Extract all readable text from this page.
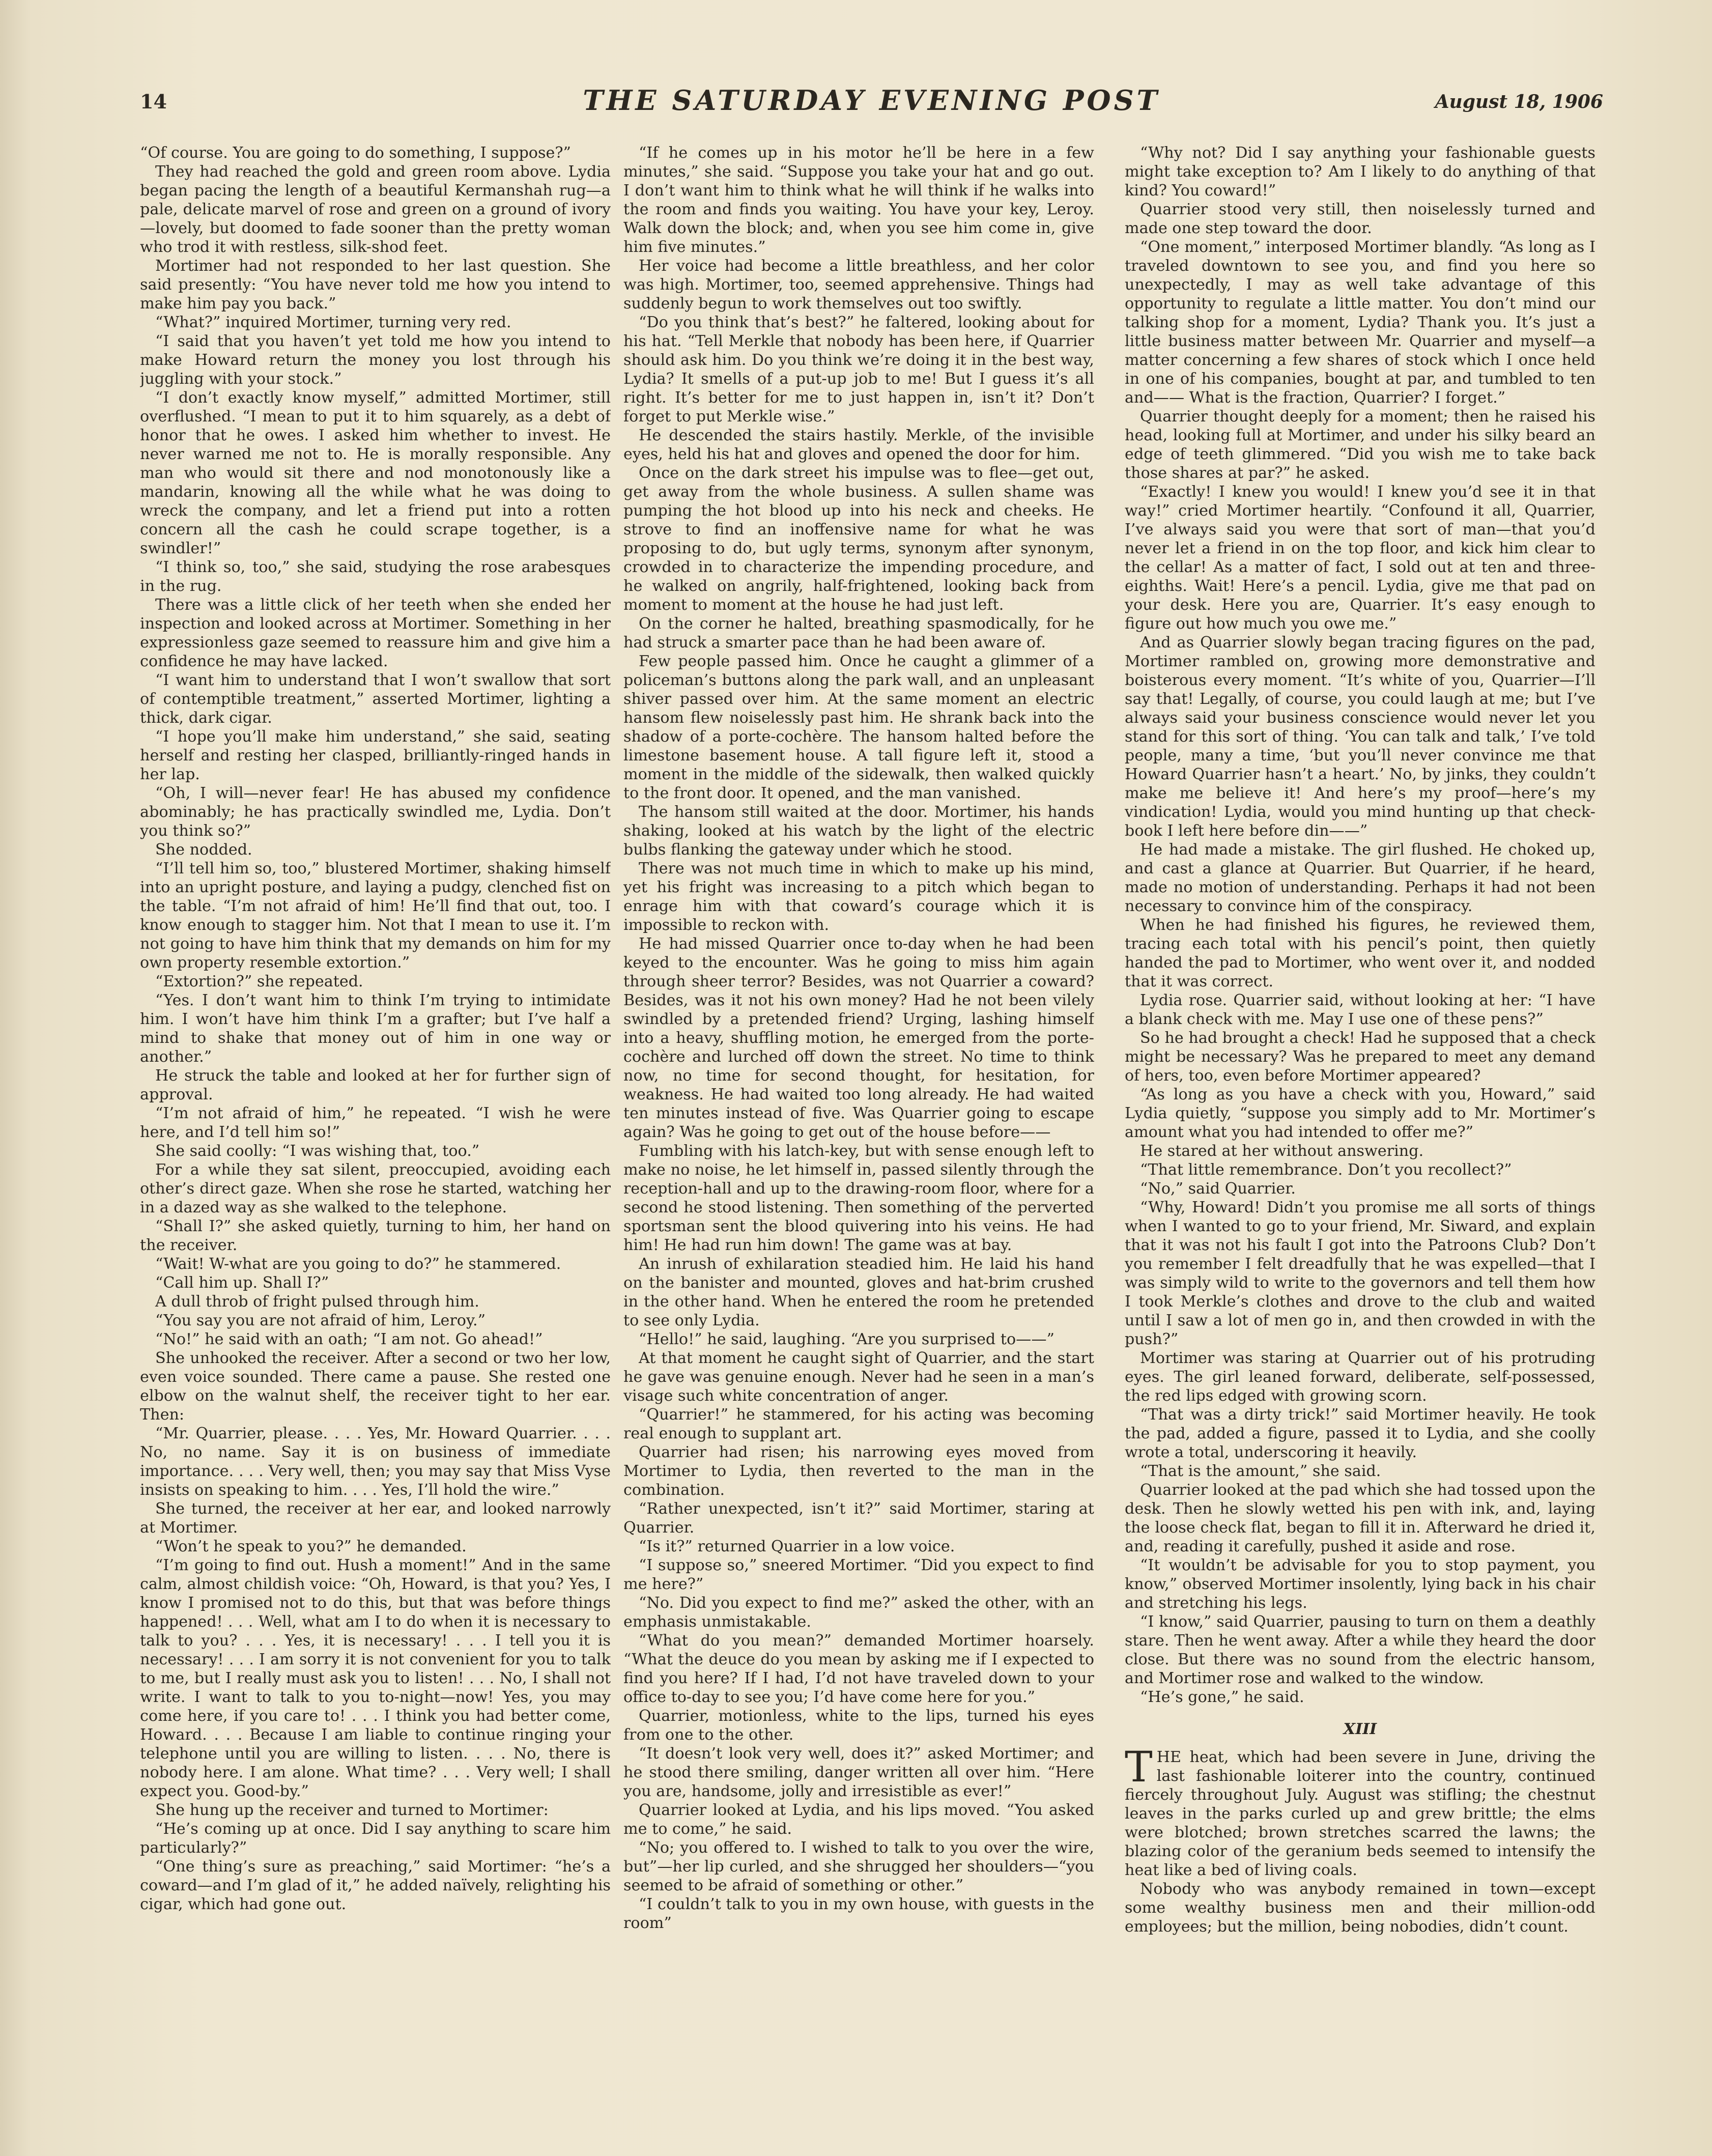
14	THE SATURDAY EVENING POST	August 18, 1906

“Of course. You are going to do something, I suppose?”

They had reached the gold and green room above. Lydia began pacing the length of a beautiful Kermanshah rug—a pale, delicate marvel of rose and green on a ground of ivory—lovely, but doomed to fade sooner than the pretty woman who trod it with restless, silk-shod feet.

Mortimer had not responded to her last question. She said presently: “You have never told me how you intend to make him pay you back.”

“What?” inquired Mortimer, turning very red.

“I said that you haven’t yet told me how you intend to make Howard return the money you lost through his juggling with your stock.”

“I don’t exactly know myself,” admitted Mortimer, still overflushed. “I mean to put it to him squarely, as a debt of honor that he owes. I asked him whether to invest. He never warned me not to. He is morally responsible. Any man who would sit there and nod monotonously like a mandarin, knowing all the while what he was doing to wreck the company, and let a friend put into a rotten concern all the cash he could scrape together, is a swindler!”

“I think so, too,” she said, studying the rose arabesques in the rug.

There was a little click of her teeth when she ended her inspection and looked across at Mortimer. Something in her expressionless gaze seemed to reassure him and give him a confidence he may have lacked.

“I want him to understand that I won’t swallow that sort of contemptible treatment,” asserted Mortimer, lighting a thick, dark cigar.

“I hope you’ll make him understand,” she said, seating herself and resting her clasped, brilliantly-ringed hands in her lap.

“Oh, I will—never fear! He has abused my confidence abominably; he has practically swindled me, Lydia. Don’t you think so?”

She nodded.

“I’ll tell him so, too,” blustered Mortimer, shaking himself into an upright posture, and laying a pudgy, clenched fist on the table. “I’m not afraid of him! He’ll find that out, too. I know enough to stagger him. Not that I mean to use it. I’m not going to have him think that my demands on him for my own property resemble extortion.”

“Extortion?” she repeated.

“Yes. I don’t want him to think I’m trying to intimidate him. I won’t have him think I’m a grafter; but I’ve half a mind to shake that money out of him in one way or another.”

He struck the table and looked at her for further sign of approval.

“I’m not afraid of him,” he repeated. “I wish he were here, and I’d tell him so!”

She said coolly: “I was wishing that, too.”

For a while they sat silent, preoccupied, avoiding each other’s direct gaze. When she rose he started, watching her in a dazed way as she walked to the telephone.

“Shall I?” she asked quietly, turning to him, her hand on the receiver.

“Wait! W-what are you going to do?” he stammered.

“Call him up. Shall I?”

A dull throb of fright pulsed through him.

“You say you are not afraid of him, Leroy.”

“No!” he said with an oath; “I am not. Go ahead!”

She unhooked the receiver. After a second or two her low, even voice sounded. There came a pause. She rested one elbow on the walnut shelf, the receiver tight to her ear. Then:

“Mr. Quarrier, please. . . . Yes, Mr. Howard Quarrier. . . . No, no name. Say it is on business of immediate importance. . . . Very well, then; you may say that Miss Vyse insists on speaking to him. . . . Yes, I’ll hold the wire.”

She turned, the receiver at her ear, and looked narrowly at Mortimer.

“Won’t he speak to you?” he demanded.

“I’m going to find out. Hush a moment!” And in the same calm, almost childish voice: “Oh, Howard, is that you? Yes, I know I promised not to do this, but that was before things happened! . . . Well, what am I to do when it is necessary to talk to you? . . . Yes, it is necessary! . . . I tell you it is necessary! . . . I am sorry it is not convenient for you to talk to me, but I really must ask you to listen! . . . No, I shall not write. I want to talk to you to-night—now! Yes, you may come here, if you care to! . . . I think you had better come, Howard. . . . Because I am liable to continue ringing your telephone until you are willing to listen. . . . No, there is nobody here. I am alone. What time? . . . Very well; I shall expect you. Good-by.”

She hung up the receiver and turned to Mortimer:

“He’s coming up at once. Did I say anything to scare him particularly?”

“One thing’s sure as preaching,” said Mortimer: “he’s a coward—and I’m glad of it,” he added naïvely, relighting his cigar, which had gone out.

“If he comes up in his motor he’ll be here in a few minutes,” she said. “Suppose you take your hat and go out. I don’t want him to think what he will think if he walks into the room and finds you waiting. You have your key, Leroy. Walk down the block; and, when you see him come in, give him five minutes.”

Her voice had become a little breathless, and her color was high. Mortimer, too, seemed apprehensive. Things had suddenly begun to work themselves out too swiftly.

“Do you think that’s best?” he faltered, looking about for his hat. “Tell Merkle that nobody has been here, if Quarrier should ask him. Do you think we’re doing it in the best way, Lydia? It smells of a put-up job to me! But I guess it’s all right. It’s better for me to just happen in, isn’t it? Don’t forget to put Merkle wise.”

He descended the stairs hastily. Merkle, of the invisible eyes, held his hat and gloves and opened the door for him.

Once on the dark street his impulse was to flee—get out, get away from the whole business. A sullen shame was pumping the hot blood up into his neck and cheeks. He strove to find an inoffensive name for what he was proposing to do, but ugly terms, synonym after synonym, crowded in to characterize the impending procedure, and he walked on angrily, half-frightened, looking back from moment to moment at the house he had just left.

On the corner he halted, breathing spasmodically, for he had struck a smarter pace than he had been aware of.

Few people passed him. Once he caught a glimmer of a policeman’s buttons along the park wall, and an unpleasant shiver passed over him. At the same moment an electric hansom flew noiselessly past him. He shrank back into the shadow of a porte-cochère. The hansom halted before the limestone basement house. A tall figure left it, stood a moment in the middle of the sidewalk, then walked quickly to the front door. It opened, and the man vanished.

The hansom still waited at the door. Mortimer, his hands shaking, looked at his watch by the light of the electric bulbs flanking the gateway under which he stood.

There was not much time in which to make up his mind, yet his fright was increasing to a pitch which began to enrage him with that coward’s courage which it is impossible to reckon with.

He had missed Quarrier once to-day when he had been keyed to the encounter. Was he going to miss him again through sheer terror? Besides, was not Quarrier a coward? Besides, was it not his own money? Had he not been vilely swindled by a pretended friend? Urging, lashing himself into a heavy, shuffling motion, he emerged from the porte-cochère and lurched off down the street. No time to think now, no time for second thought, for hesitation, for weakness. He had waited too long already. He had waited ten minutes instead of five. Was Quarrier going to escape again? Was he going to get out of the house before——

Fumbling with his latch-key, but with sense enough left to make no noise, he let himself in, passed silently through the reception-hall and up to the drawing-room floor, where for a second he stood listening. Then something of the perverted sportsman sent the blood quivering into his veins. He had him! He had run him down! The game was at bay.

An inrush of exhilaration steadied him. He laid his hand on the banister and mounted, gloves and hat-brim crushed in the other hand. When he entered the room he pretended to see only Lydia.

“Hello!” he said, laughing. “Are you surprised to——”

At that moment he caught sight of Quarrier, and the start he gave was genuine enough. Never had he seen in a man’s visage such white concentration of anger.

“Quarrier!” he stammered, for his acting was becoming real enough to supplant art.

Quarrier had risen; his narrowing eyes moved from Mortimer to Lydia, then reverted to the man in the combination.

“Rather unexpected, isn’t it?” said Mortimer, staring at Quarrier.

“Is it?” returned Quarrier in a low voice.

“I suppose so,” sneered Mortimer. “Did you expect to find me here?”

“No. Did you expect to find me?” asked the other, with an emphasis unmistakable.

“What do you mean?” demanded Mortimer hoarsely. “What the deuce do you mean by asking me if I expected to find you here? If I had, I’d not have traveled down to your office to-day to see you; I’d have come here for you.”

Quarrier, motionless, white to the lips, turned his eyes from one to the other.

“It doesn’t look very well, does it?” asked Mortimer; and he stood there smiling, danger written all over him. “Here you are, handsome, jolly and irresistible as ever!”

Quarrier looked at Lydia, and his lips moved. “You asked me to come,” he said.

“No; you offered to. I wished to talk to you over the wire, but”—her lip curled, and she shrugged her shoulders—“you seemed to be afraid of something or other.”

“I couldn’t talk to you in my own house, with guests in the room”

“Why not? Did I say anything your fashionable guests might take exception to? Am I likely to do anything of that kind? You coward!”

Quarrier stood very still, then noiselessly turned and made one step toward the door.

“One moment,” interposed Mortimer blandly. “As long as I traveled downtown to see you, and find you here so unexpectedly, I may as well take advantage of this opportunity to regulate a little matter. You don’t mind our talking shop for a moment, Lydia? Thank you. It’s just a little business matter between Mr. Quarrier and myself—a matter concerning a few shares of stock which I once held in one of his companies, bought at par, and tumbled to ten and—— What is the fraction, Quarrier? I forget.”

Quarrier thought deeply for a moment; then he raised his head, looking full at Mortimer, and under his silky beard an edge of teeth glimmered. “Did you wish me to take back those shares at par?” he asked.

“Exactly! I knew you would! I knew you’d see it in that way!” cried Mortimer heartily. “Confound it all, Quarrier, I’ve always said you were that sort of man—that you’d never let a friend in on the top floor, and kick him clear to the cellar! As a matter of fact, I sold out at ten and three-eighths. Wait! Here’s a pencil. Lydia, give me that pad on your desk. Here you are, Quarrier. It’s easy enough to figure out how much you owe me.”

And as Quarrier slowly began tracing figures on the pad, Mortimer rambled on, growing more demonstrative and boisterous every moment. “It’s white of you, Quarrier—I’ll say that! Legally, of course, you could laugh at me; but I’ve always said your business conscience would never let you stand for this sort of thing. ‘You can talk and talk,’ I’ve told people, many a time, ‘but you’ll never convince me that Howard Quarrier hasn’t a heart.’ No, by jinks, they couldn’t make me believe it! And here’s my proof—here’s my vindication! Lydia, would you mind hunting up that check-book I left here before din——”

He had made a mistake. The girl flushed. He choked up, and cast a glance at Quarrier. But Quarrier, if he heard, made no motion of understanding. Perhaps it had not been necessary to convince him of the conspiracy.

When he had finished his figures, he reviewed them, tracing each total with his pencil’s point, then quietly handed the pad to Mortimer, who went over it, and nodded that it was correct.

Lydia rose. Quarrier said, without looking at her: “I have a blank check with me. May I use one of these pens?”

So he had brought a check! Had he supposed that a check might be necessary? Was he prepared to meet any demand of hers, too, even before Mortimer appeared?

“As long as you have a check with you, Howard,” said Lydia quietly, “suppose you simply add to Mr. Mortimer’s amount what you had intended to offer me?”

He stared at her without answering.

“That little remembrance. Don’t you recollect?”

“No,” said Quarrier.

“Why, Howard! Didn’t you promise me all sorts of things when I wanted to go to your friend, Mr. Siward, and explain that it was not his fault I got into the Patroons Club? Don’t you remember I felt dreadfully that he was expelled—that I was simply wild to write to the governors and tell them how I took Merkle’s clothes and drove to the club and waited until I saw a lot of men go in, and then crowded in with the push?”

Mortimer was staring at Quarrier out of his protruding eyes. The girl leaned forward, deliberate, self-possessed, the red lips edged with growing scorn.

“That was a dirty trick!” said Mortimer heavily. He took the pad, added a figure, passed it to Lydia, and she coolly wrote a total, underscoring it heavily.

“That is the amount,” she said.

Quarrier looked at the pad which she had tossed upon the desk. Then he slowly wetted his pen with ink, and, laying the loose check flat, began to fill it in. Afterward he dried it, and, reading it carefully, pushed it aside and rose.

“It wouldn’t be advisable for you to stop payment, you know,” observed Mortimer insolently, lying back in his chair and stretching his legs.

“I know,” said Quarrier, pausing to turn on them a deathly stare. Then he went away. After a while they heard the door close. But there was no sound from the electric hansom, and Mortimer rose and walked to the window.

“He’s gone,” he said.

XIII

THE heat, which had been severe in June, driving the last fashionable loiterer into the country, continued fiercely throughout July. August was stifling; the chestnut leaves in the parks curled up and grew brittle; the elms were blotched; brown stretches scarred the lawns; the blazing color of the geranium beds seemed to intensify the heat like a bed of living coals.

Nobody who was anybody remained in town—except some wealthy business men and their million-odd employees; but the million, being nobodies, didn’t count.
